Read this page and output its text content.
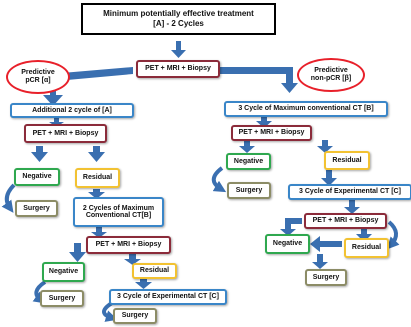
Minimum potentially effective treatment
[A] - 2 Cycles
PET + MRI + Biopsy
Predictive
pCR [α]
Predictive
non-pCR [β]
Additional 2 cycle of [A]
PET + MRI + Biopsy
Negative	Residual
Surgery	2 Cycles of Maximum
Conventional CT[B]
PET + MRI + Biopsy
Negative	Residual
Surgery	3 Cycle of Experimental CT [C]
Surgery
3 Cycle of Maximum conventional CT [B]
PET + MRI + Biopsy
Negative	Residual
Surgery	3 Cycle of Experimental CT [C]
PET + MRI + Biopsy
Negative
Residual
Surgery
